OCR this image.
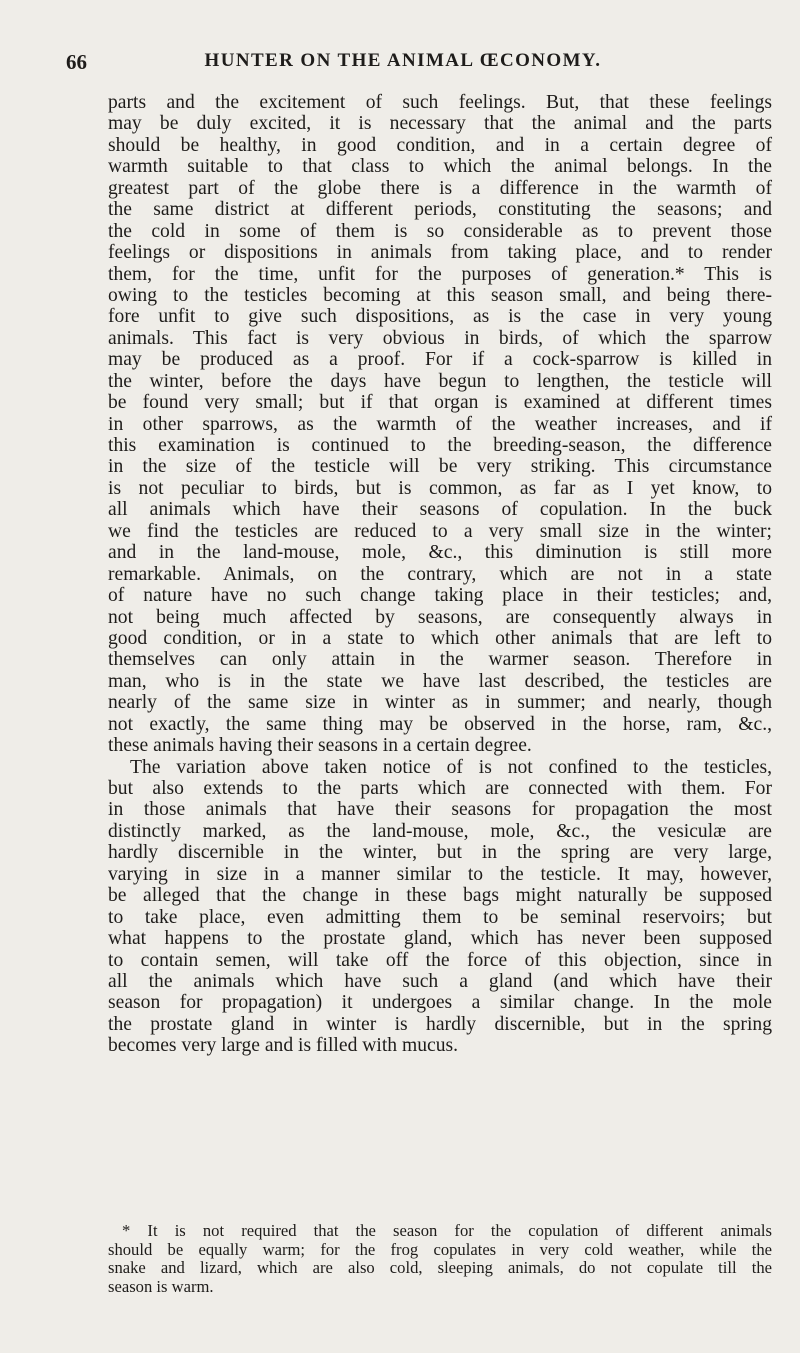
66	HUNTER ON THE ANIMAL ŒCONOMY.
parts and the excitement of such feelings. But, that these feelings
may be duly excited, it is necessary that the animal and the parts
should be healthy, in good condition, and in a certain degree of
warmth suitable to that class to which the animal belongs. In the
greatest part of the globe there is a difference in the warmth of
the same district at different periods, constituting the seasons; and
the cold in some of them is so considerable as to prevent those
feelings or dispositions in animals from taking place, and to render
them, for the time, unfit for the purposes of generation.* This is
owing to the testicles becoming at this season small, and being there-
fore unfit to give such dispositions, as is the case in very young
animals. This fact is very obvious in birds, of which the sparrow
may be produced as a proof. For if a cock-sparrow is killed in
the winter, before the days have begun to lengthen, the testicle will
be found very small; but if that organ is examined at different times
in other sparrows, as the warmth of the weather increases, and if
this examination is continued to the breeding-season, the difference
in the size of the testicle will be very striking. This circumstance
is not peculiar to birds, but is common, as far as I yet know, to
all animals which have their seasons of copulation. In the buck
we find the testicles are reduced to a very small size in the winter;
and in the land-mouse, mole, &c., this diminution is still more
remarkable. Animals, on the contrary, which are not in a state
of nature have no such change taking place in their testicles; and,
not being much affected by seasons, are consequently always in
good condition, or in a state to which other animals that are left to
themselves can only attain in the warmer season. Therefore in
man, who is in the state we have last described, the testicles are
nearly of the same size in winter as in summer; and nearly, though
not exactly, the same thing may be observed in the horse, ram, &c.,
these animals having their seasons in a certain degree.
The variation above taken notice of is not confined to the testicles,
but also extends to the parts which are connected with them. For
in those animals that have their seasons for propagation the most
distinctly marked, as the land-mouse, mole, &c., the vesiculæ are
hardly discernible in the winter, but in the spring are very large,
varying in size in a manner similar to the testicle. It may, however,
be alleged that the change in these bags might naturally be supposed
to take place, even admitting them to be seminal reservoirs; but
what happens to the prostate gland, which has never been supposed
to contain semen, will take off the force of this objection, since in
all the animals which have such a gland (and which have their
season for propagation) it undergoes a similar change. In the mole
the prostate gland in winter is hardly discernible, but in the spring
becomes very large and is filled with mucus.
* It is not required that the season for the copulation of different animals
should be equally warm; for the frog copulates in very cold weather, while the
snake and lizard, which are also cold, sleeping animals, do not copulate till the
season is warm.
